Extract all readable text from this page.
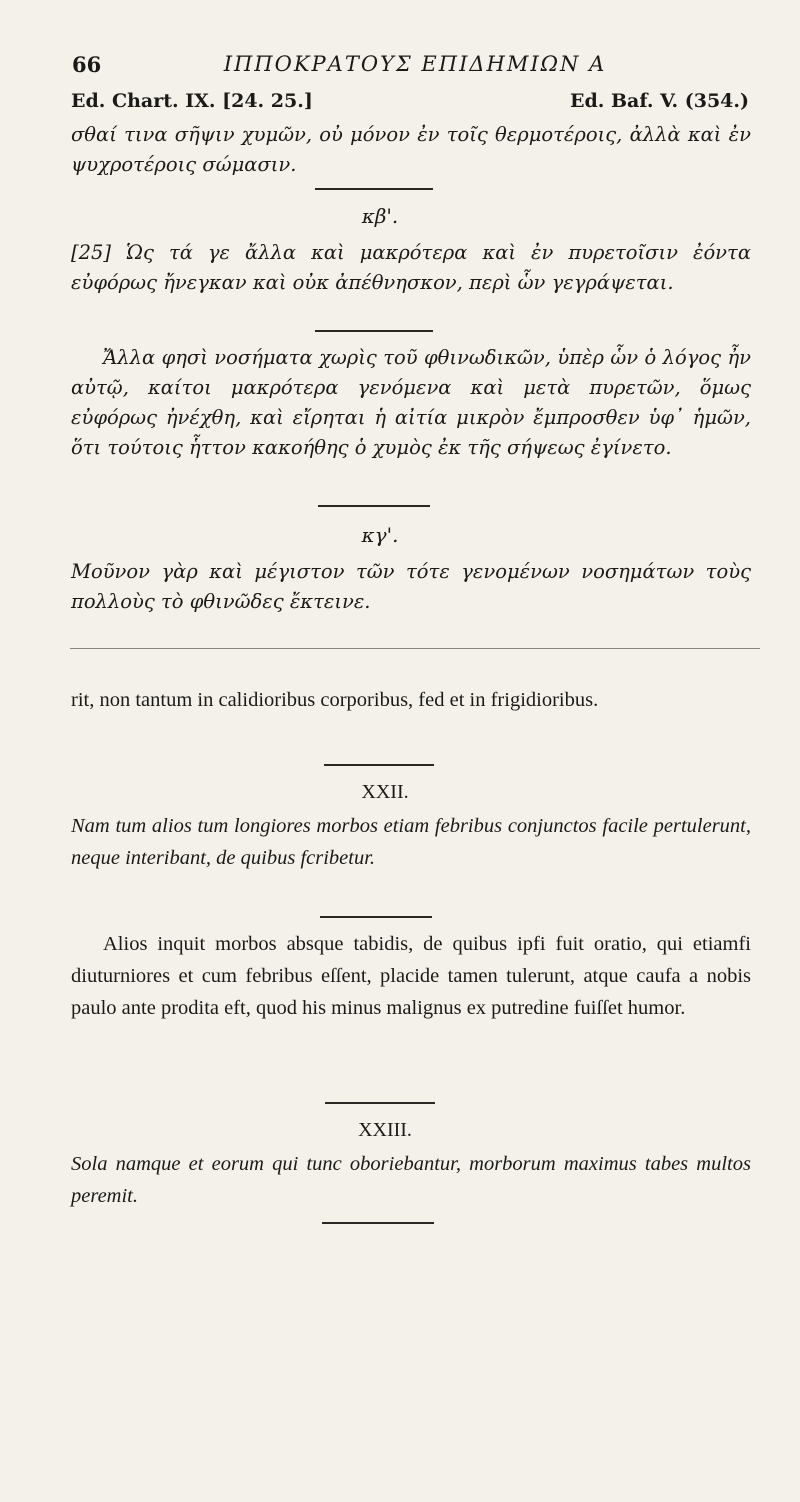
66	ΙΠΠΟΚΡΑΤΟΥΣ ΕΠΙΔΗΜΙΩΝ Α
Ed. Chart. IX. [24. 25.]	Ed. Baf. V. (354.)
σθαί τινα σῆψιν χυμῶν, οὐ μόνον ἐν τοῖς θερμοτέροις, ἀλλὰ καὶ ἐν ψυχροτέροις σώμασιν.
κβ'.
[25] Ὡς τά γε ἄλλα καὶ μακρότερα καὶ ἐν πυρετοῖσιν ἐόντα εὐφόρως ἤνεγκαν καὶ οὐκ ἀπέθνησκον, περὶ ὧν γεγράψεται.
Ἄλλα φησὶ νοσήματα χωρὶς τοῦ φθινωδικῶν, ὑπὲρ ὧν ὁ λόγος ἦν αὐτῷ, καίτοι μακρότερα γενόμενα καὶ μετὰ πυρετῶν, ὅμως εὐφόρως ἠνέχθη, καὶ εἴρηται ἡ αἰτία μικρὸν ἔμπροσθεν ὑφ᾽ ἡμῶν, ὅτι τούτοις ἧττον κακοήθης ὁ χυμὸς ἐκ τῆς σήψεως ἐγίνετο.
κγ'.
Μοῦνον γὰρ καὶ μέγιστον τῶν τότε γενομένων νοσημάτων τοὺς πολλοὺς τὸ φθινῶδες ἔκτεινε.
rit, non tantum in calidioribus corporibus, fed et in frigidioribus.
XXII.
Nam tum alios tum longiores morbos etiam febribus conjunctos facile pertulerunt, neque interibant, de quibus fcribetur.
Alios inquit morbos absque tabidis, de quibus ipfi fuit oratio, qui etiamfi diuturniores et cum febribus eſſent, placide tamen tulerunt, atque caufa a nobis paulo ante prodita eft, quod his minus malignus ex putredine fuiſſet humor.
XXIII.
Sola namque et eorum qui tunc oboriebantur, morborum maximus tabes multos peremit.
